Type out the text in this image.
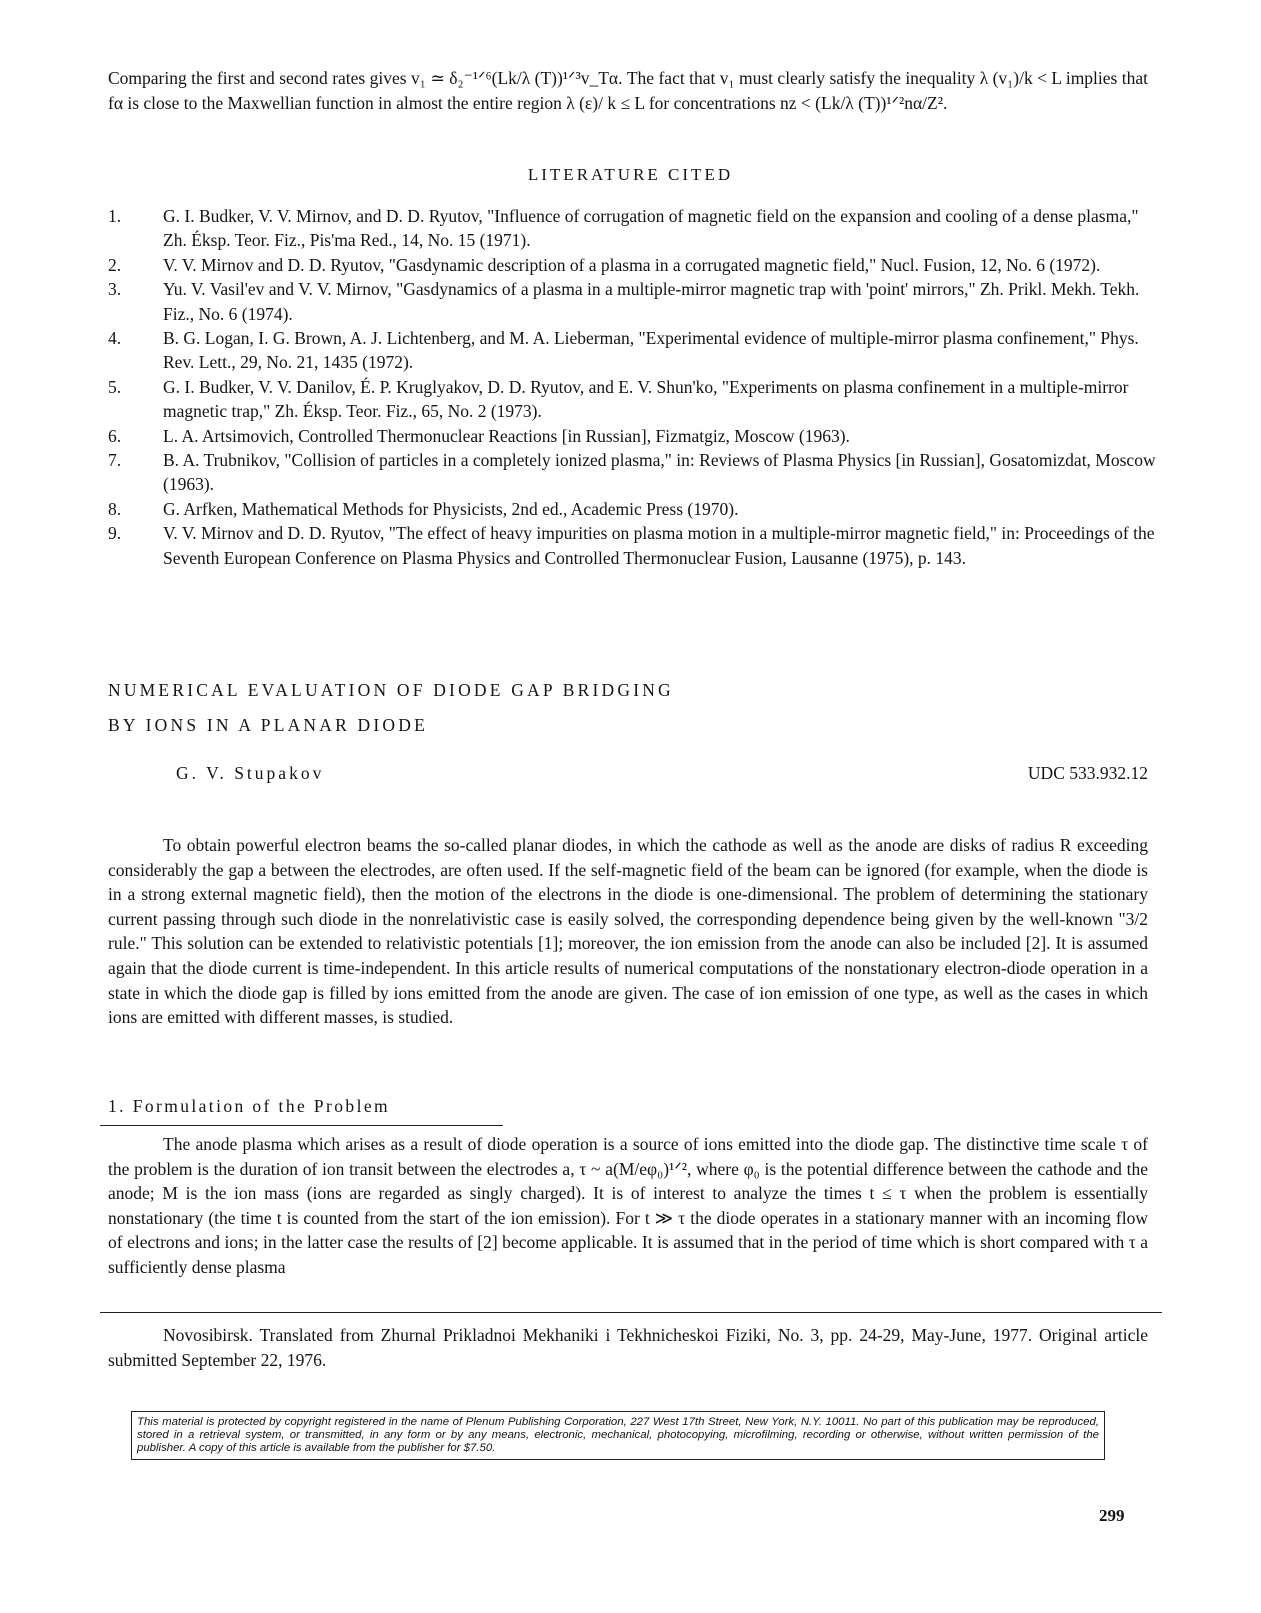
Comparing the first and second rates gives v₁ ≃ δ₂⁻¹ᐟ⁶(Lk/λ (T))¹ᐟ³v_Tα. The fact that v₁ must clearly satisfy the inequality λ (v₁)/k < L implies that fα is close to the Maxwellian function in almost the entire region λ (ε)/ k ≤ L for concentrations nz < (Lk/λ (T))¹ᐟ²nα/Z².

LITERATURE CITED
1. G. I. Budker, V. V. Mirnov, and D. D. Ryutov, "Influence of corrugation of magnetic field on the expansion and cooling of a dense plasma," Zh. Éksp. Teor. Fiz., Pis'ma Red., 14, No. 15 (1971).
2. V. V. Mirnov and D. D. Ryutov, "Gasdynamic description of a plasma in a corrugated magnetic field," Nucl. Fusion, 12, No. 6 (1972).
3. Yu. V. Vasil'ev and V. V. Mirnov, "Gasdynamics of a plasma in a multiple-mirror magnetic trap with 'point' mirrors," Zh. Prikl. Mekh. Tekh. Fiz., No. 6 (1974).
4. B. G. Logan, I. G. Brown, A. J. Lichtenberg, and M. A. Lieberman, "Experimental evidence of multiple-mirror plasma confinement," Phys. Rev. Lett., 29, No. 21, 1435 (1972).
5. G. I. Budker, V. V. Danilov, É. P. Kruglyakov, D. D. Ryutov, and E. V. Shun'ko, "Experiments on plasma confinement in a multiple-mirror magnetic trap," Zh. Éksp. Teor. Fiz., 65, No. 2 (1973).
6. L. A. Artsimovich, Controlled Thermonuclear Reactions [in Russian], Fizmatgiz, Moscow (1963).
7. B. A. Trubnikov, "Collision of particles in a completely ionized plasma," in: Reviews of Plasma Physics [in Russian], Gosatomizdat, Moscow (1963).
8. G. Arfken, Mathematical Methods for Physicists, 2nd ed., Academic Press (1970).
9. V. V. Mirnov and D. D. Ryutov, "The effect of heavy impurities on plasma motion in a multiple-mirror magnetic field," in: Proceedings of the Seventh European Conference on Plasma Physics and Controlled Thermonuclear Fusion, Lausanne (1975), p. 143.
NUMERICAL EVALUATION OF DIODE GAP BRIDGING
BY IONS IN A PLANAR DIODE

G. V. Stupakov	UDC 533.932.12

To obtain powerful electron beams the so-called planar diodes, in which the cathode as well as the anode are disks of radius R exceeding considerably the gap a between the electrodes, are often used. If the self-magnetic field of the beam can be ignored (for example, when the diode is in a strong external magnetic field), then the motion of the electrons in the diode is one-dimensional. The problem of determining the stationary current passing through such diode in the nonrelativistic case is easily solved, the corresponding dependence being given by the well-known "3/2 rule." This solution can be extended to relativistic potentials [1]; moreover, the ion emission from the anode can also be included [2]. It is assumed again that the diode current is time-independent. In this article results of numerical computations of the nonstationary electron-diode operation in a state in which the diode gap is filled by ions emitted from the anode are given. The case of ion emission of one type, as well as the cases in which ions are emitted with different masses, is studied.

1. Formulation of the Problem

The anode plasma which arises as a result of diode operation is a source of ions emitted into the diode gap. The distinctive time scale τ of the problem is the duration of ion transit between the electrodes a, τ ~ a(M/eφ₀)¹ᐟ², where φ₀ is the potential difference between the cathode and the anode; M is the ion mass (ions are regarded as singly charged). It is of interest to analyze the times t ≤ τ when the problem is essentially nonstationary (the time t is counted from the start of the ion emission). For t ≫ τ the diode operates in a stationary manner with an incoming flow of electrons and ions; in the latter case the results of [2] become applicable. It is assumed that in the period of time which is short compared with τ a sufficiently dense plasma

Novosibirsk. Translated from Zhurnal Prikladnoi Mekhaniki i Tekhnicheskoi Fiziki, No. 3, pp. 24-29, May-June, 1977. Original article submitted September 22, 1976.

This material is protected by copyright registered in the name of Plenum Publishing Corporation, 227 West 17th Street, New York, N.Y. 10011. No part of this publication may be reproduced, stored in a retrieval system, or transmitted, in any form or by any means, electronic, mechanical, photocopying, microfilming, recording or otherwise, without written permission of the publisher. A copy of this article is available from the publisher for $7.50.

299
